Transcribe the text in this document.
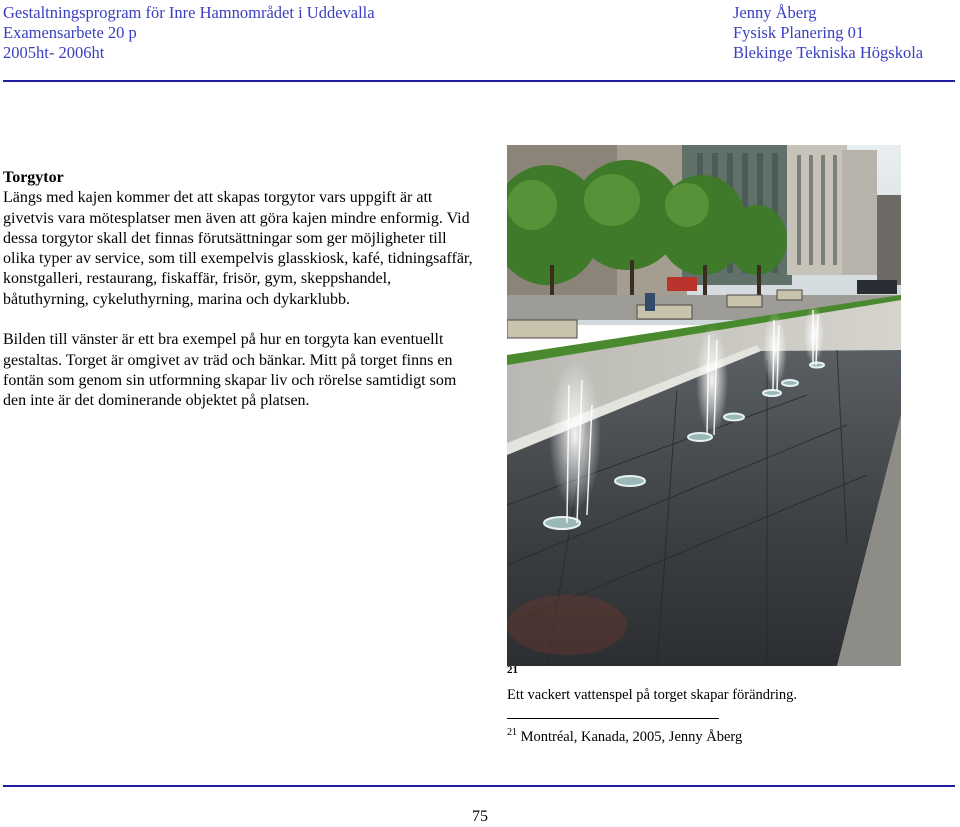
Gestaltningsprogram för Inre Hamnområdet i Uddevalla
Examensarbete 20 p
2005ht- 2006ht
Jenny Åberg
Fysisk Planering 01
Blekinge Tekniska Högskola
Torgytor

Längs med kajen kommer det att skapas torgytor vars uppgift är att givetvis vara mötesplatser men även att göra kajen mindre enformig. Vid dessa torgytor skall det finnas förutsättningar som ger möjligheter till olika typer av service, som till exempelvis glasskiosk, kafé, tidningsaffär, konstgalleri, restaurang, fiskaffär, frisör, gym, skeppshandel, båtuthyrning, cykeluthyrning, marina och dykarklubb.

Bilden till vänster är ett bra exempel på hur en torgyta kan eventuellt gestaltas. Torget är omgivet av träd och bänkar. Mitt på torget finns en fontän som genom sin utformning skapar liv och rörelse samtidigt som den inte är det dominerande objektet på platsen.

21
Ett vackert vattenspel på torget skapar förändring.
$^{21}$ Montréal, Kanada, 2005, Jenny Åberg
75
